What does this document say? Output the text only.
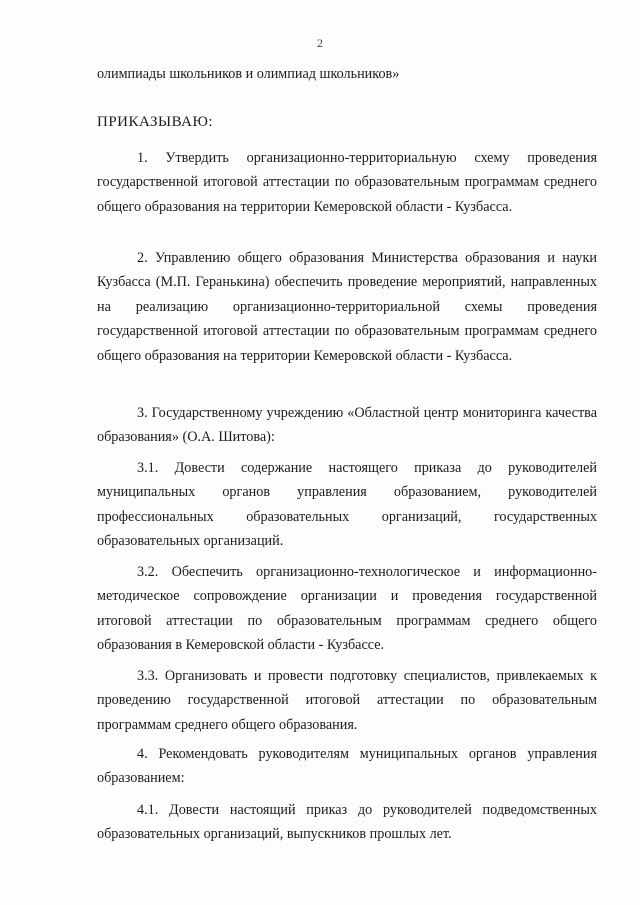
2
олимпиады школьников и олимпиад школьников»
ПРИКАЗЫВАЮ:
1. Утвердить организационно-территориальную схему проведения государственной итоговой аттестации по образовательным программам среднего общего образования на территории Кемеровской области - Кузбасса.
2. Управлению общего образования Министерства образования и науки Кузбасса (М.П. Геранькина) обеспечить проведение мероприятий, направленных на реализацию организационно-территориальной схемы проведения государственной итоговой аттестации по образовательным программам среднего общего образования на территории Кемеровской области - Кузбасса.
3. Государственному учреждению «Областной центр мониторинга качества образования» (О.А. Шитова):
3.1. Довести содержание настоящего приказа до руководителей муниципальных органов управления образованием, руководителей профессиональных образовательных организаций, государственных образовательных организаций.
3.2. Обеспечить организационно-технологическое и информационно-методическое сопровождение организации и проведения государственной итоговой аттестации по образовательным программам среднего общего образования в Кемеровской области - Кузбассе.
3.3. Организовать и провести подготовку специалистов, привлекаемых к проведению государственной итоговой аттестации по образовательным программам среднего общего образования.
4. Рекомендовать руководителям муниципальных органов управления образованием:
4.1. Довести настоящий приказ до руководителей подведомственных образовательных организаций, выпускников прошлых лет.
